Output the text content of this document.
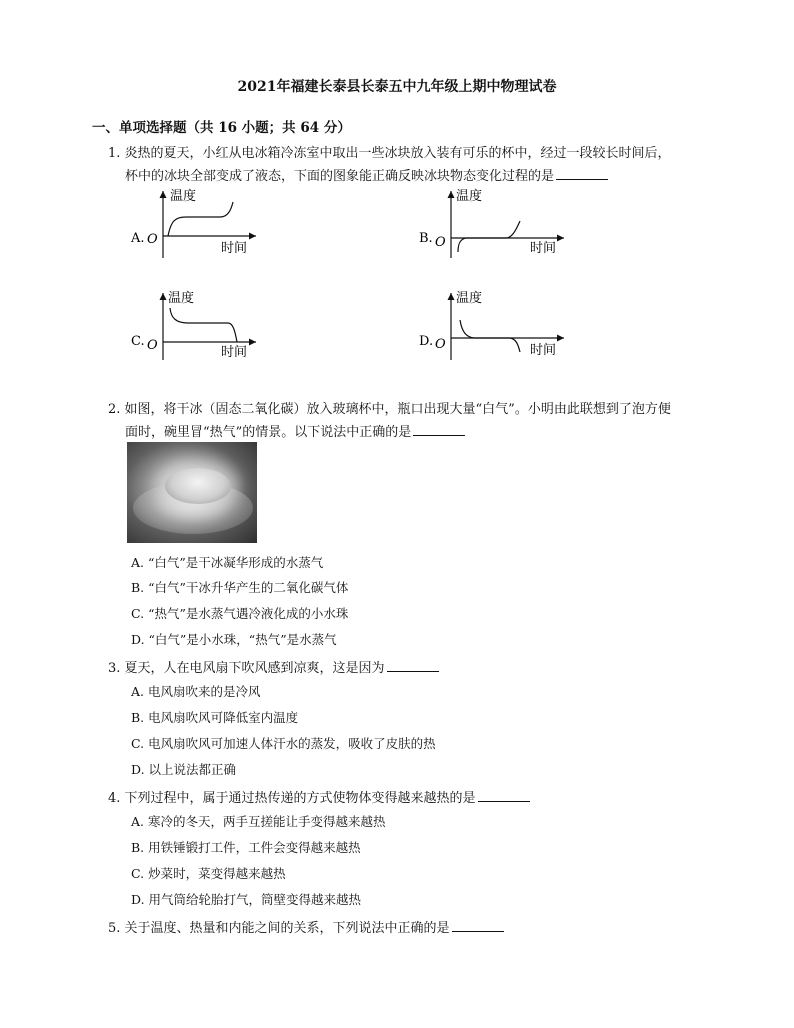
2021年福建长泰县长泰五中九年级上期中物理试卷
一、单项选择题（共 16 小题；共 64 分）
1. 炎热的夏天，小红从电冰箱冷冻室中取出一些冰块放入装有可乐的杯中，经过一段较长时间后，
杯中的冰块全部变成了液态，下面的图象能正确反映冰块物态变化过程的是
A. O
温度
时间
B. O
温度
时间
C. O
温度
时间
D. O
温度
时间
2. 如图，将干冰（固态二氧化碳）放入玻璃杯中，瓶口出现大量“白气”。小明由此联想到了泡方便
面时，碗里冒“热气”的情景。以下说法中正确的是
A. “白气”是干冰凝华形成的水蒸气
B. “白气”干冰升华产生的二氧化碳气体
C. “热气”是水蒸气遇冷液化成的小水珠
D. “白气”是小水珠，“热气”是水蒸气
3. 夏天，人在电风扇下吹风感到凉爽，这是因为
A. 电风扇吹来的是冷风
B. 电风扇吹风可降低室内温度
C. 电风扇吹风可加速人体汗水的蒸发，吸收了皮肤的热
D. 以上说法都正确
4. 下列过程中，属于通过热传递的方式使物体变得越来越热的是
A. 寒冷的冬天，两手互搓能让手变得越来越热
B. 用铁锤锻打工件，工件会变得越来越热
C. 炒菜时，菜变得越来越热
D. 用气筒给轮胎打气，筒壁变得越来越热
5. 关于温度、热量和内能之间的关系，下列说法中正确的是
